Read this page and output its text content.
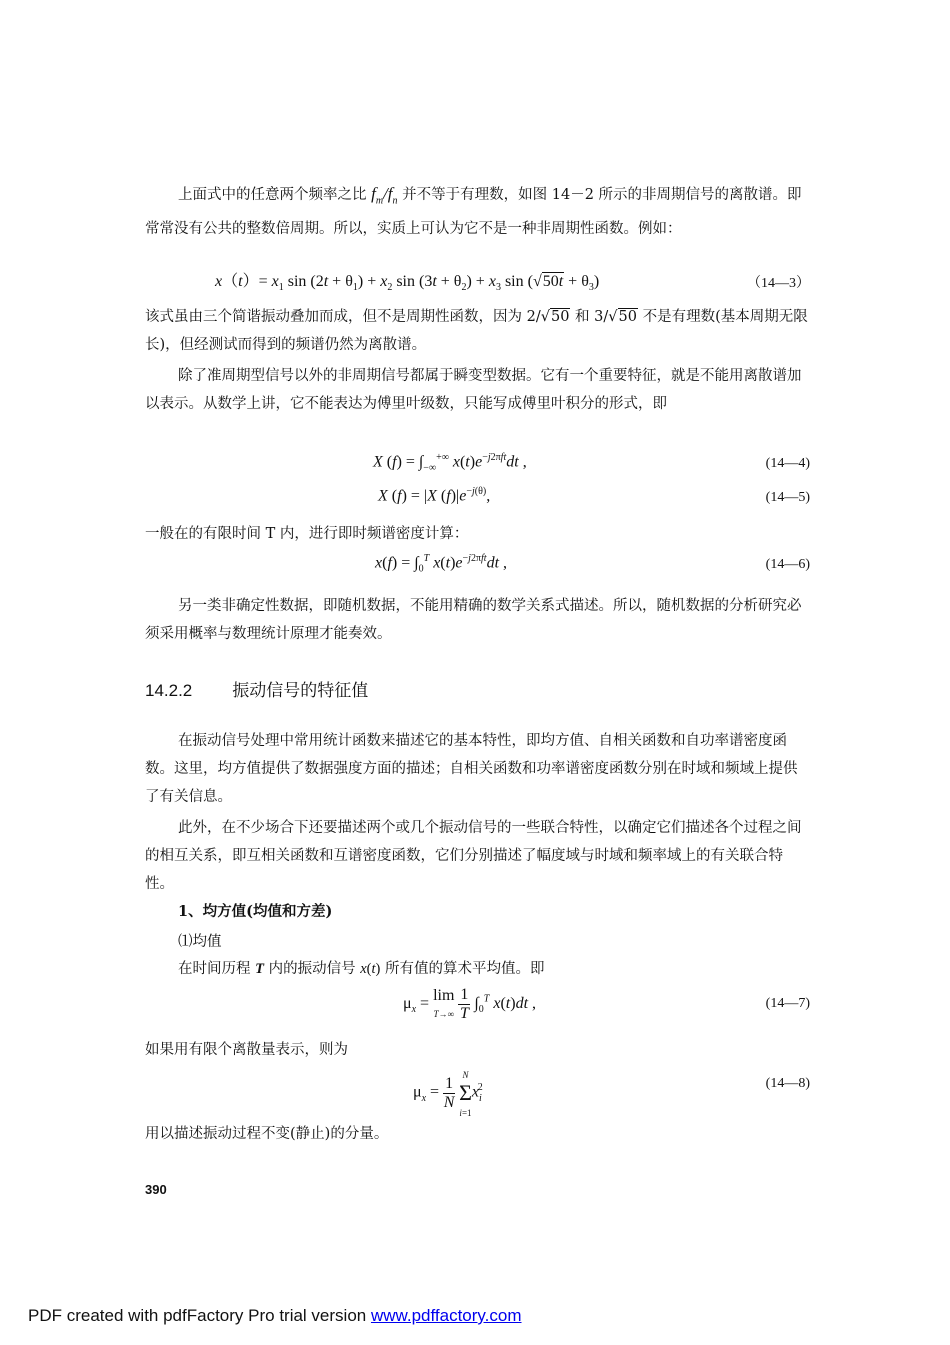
上面式中的任意两个频率之比 $f_m/f_n$ 并不等于有理数，如图 14－2 所示的非周期信号的离散谱。即常常没有公共的整数倍周期。所以，实质上可认为它不是一种非周期性函数。例如：

$x(t)= x_1$ $\sin (2t + \theta_1) + x_2$ $\sin (3t + \theta_2) + x_3$ $\sin (√50t + \theta_3)$	（14—3）

该式虽由三个简谐振动叠加而成，但不是周期性函数，因为 2/√50 和 3/√50 不是有理数(基本周期无限长)，但经测试而得到的频谱仍然为离散谱。

除了准周期型信号以外的非周期信号都属于瞬变型数据。它有一个重要特征，就是不能用离散谱加以表示。从数学上讲，它不能表达为傅里叶级数，只能写成傅里叶积分的形式，即

X $(f) = \int_{-\infty}^{+\infty}$ $x(t)e^{-j2\pi ft}dt$ ,	(14—4)
X (f) = |X $(f)|e^{-j(\theta)}$,	(14—5)

一般在的有限时间 T 内，进行即时频谱密度计算：

$x(f) = \int_0^T$ $x(t)e^{-j2\pi ft}dt$ ,	(14—6)

另一类非确定性数据，即随机数据，不能用精确的数学关系式描述。所以，随机数据的分析研究必须采用概率与数理统计原理才能奏效。

14.2.2 振动信号的特征值

在振动信号处理中常用统计函数来描述它的基本特性，即均方值、自相关函数和自功率谱密度函数。这里，均方值提供了数据强度方面的描述；自相关函数和功率谱密度函数分别在时域和频域上提供了有关信息。

此外，在不少场合下还要描述两个或几个振动信号的一些联合特性，以确定它们描述各个过程之间的相互关系，即互相关函数和互谱密度函数，它们分别描述了幅度域与时域和频率域上的有关联合特性。

1、均方值(均值和方差)

⑴均值

在时间历程 T 内的振动信号 x(t) 所有值的算术平均值。即

$\mu_x = \lim$
$T\to\infty \frac{1}{T} \int_0^T$ x(t)dt ,	(14—7)

如果用有限个离散量表示，则为

$\mu_x = \frac{1}{N}$ N
Σ
$i=1x_i^2$	(14—8)

用以描述振动过程不变(静止)的分量。

390
PDF created with pdfFactory Pro trial version www.pdffactory.com
